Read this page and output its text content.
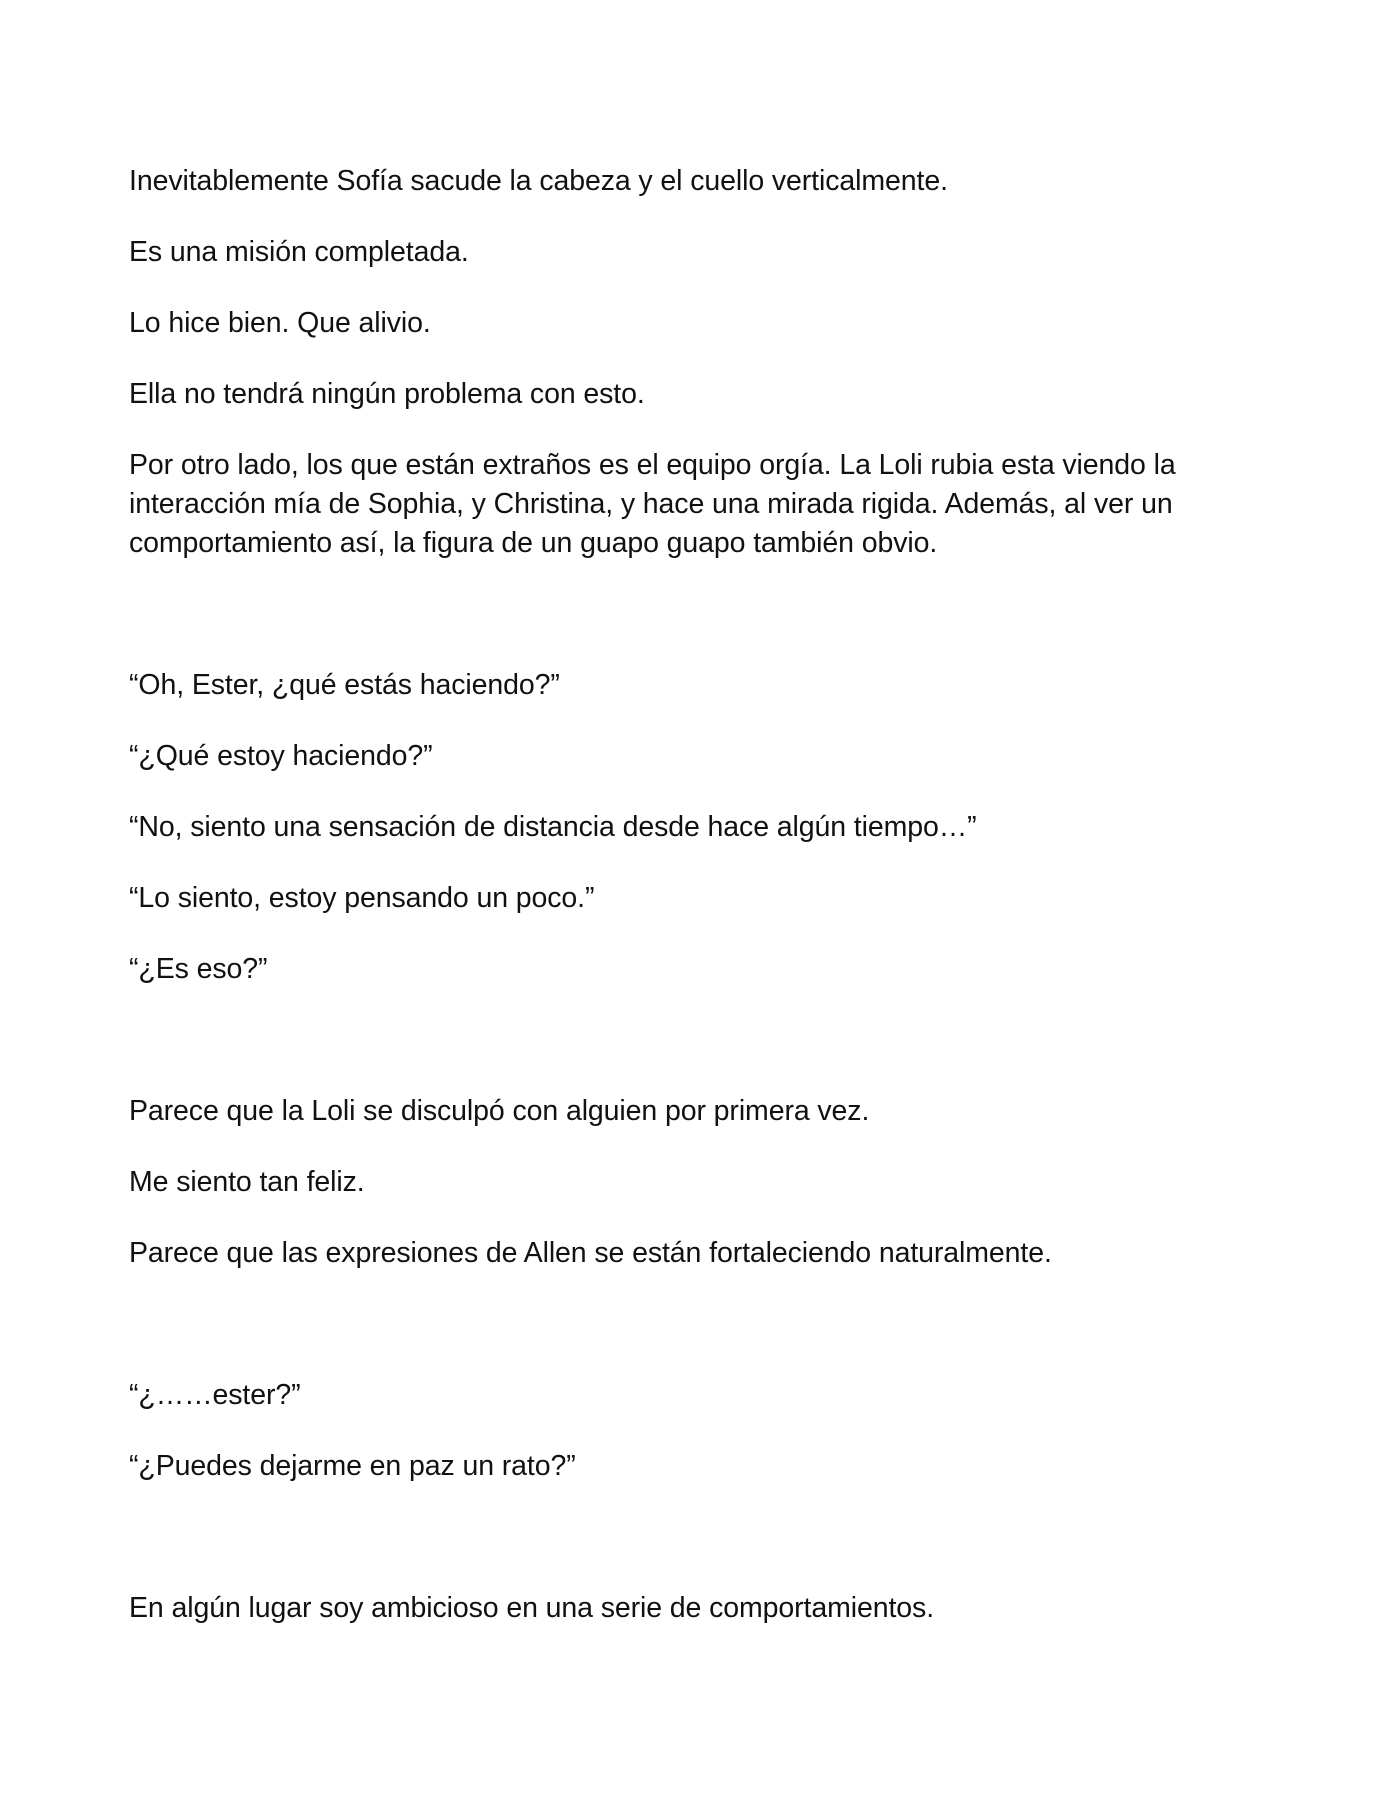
Inevitablemente Sofía sacude la cabeza y el cuello verticalmente.

Es una misión completada.

Lo hice bien. Que alivio.

Ella no tendrá ningún problema con esto.

Por otro lado, los que están extraños es el equipo orgía. La Loli rubia esta viendo la interacción mía de Sophia, y Christina, y hace una mirada rigida. Además, al ver un comportamiento así, la figura de un guapo guapo también obvio.

“Oh, Ester, ¿qué estás haciendo?”

“¿Qué estoy haciendo?”

“No, siento una sensación de distancia desde hace algún tiempo…”

“Lo siento, estoy pensando un poco.”

“¿Es eso?”

Parece que la Loli se disculpó con alguien por primera vez.

Me siento tan feliz.

Parece que las expresiones de Allen se están fortaleciendo naturalmente.

“¿……ester?”

“¿Puedes dejarme en paz un rato?”

En algún lugar soy ambicioso en una serie de comportamientos.
